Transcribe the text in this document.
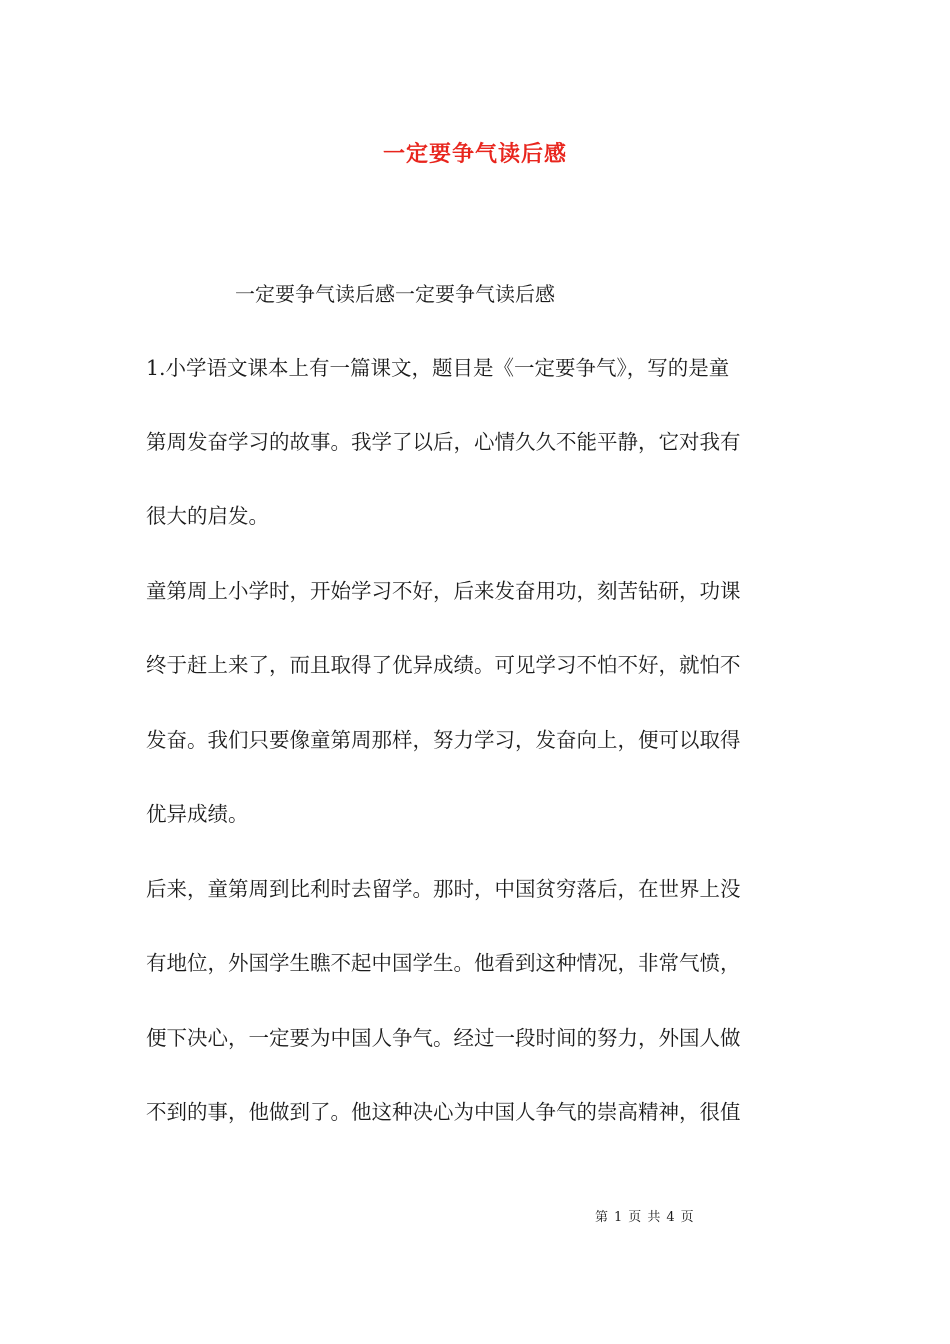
一定要争气读后感
一定要争气读后感一定要争气读后感
1.小学语文课本上有一篇课文，题目是《一定要争气》，写的是童
第周发奋学习的故事。我学了以后，心情久久不能平静，它对我有
很大的启发。
童第周上小学时，开始学习不好，后来发奋用功，刻苦钻研，功课
终于赶上来了，而且取得了优异成绩。可见学习不怕不好，就怕不
发奋。我们只要像童第周那样，努力学习，发奋向上，便可以取得
优异成绩。
后来，童第周到比利时去留学。那时，中国贫穷落后，在世界上没
有地位，外国学生瞧不起中国学生。他看到这种情况，非常气愤，
便下决心，一定要为中国人争气。经过一段时间的努力，外国人做
不到的事，他做到了。他这种决心为中国人争气的崇高精神，很值
第 1 页 共 4 页
